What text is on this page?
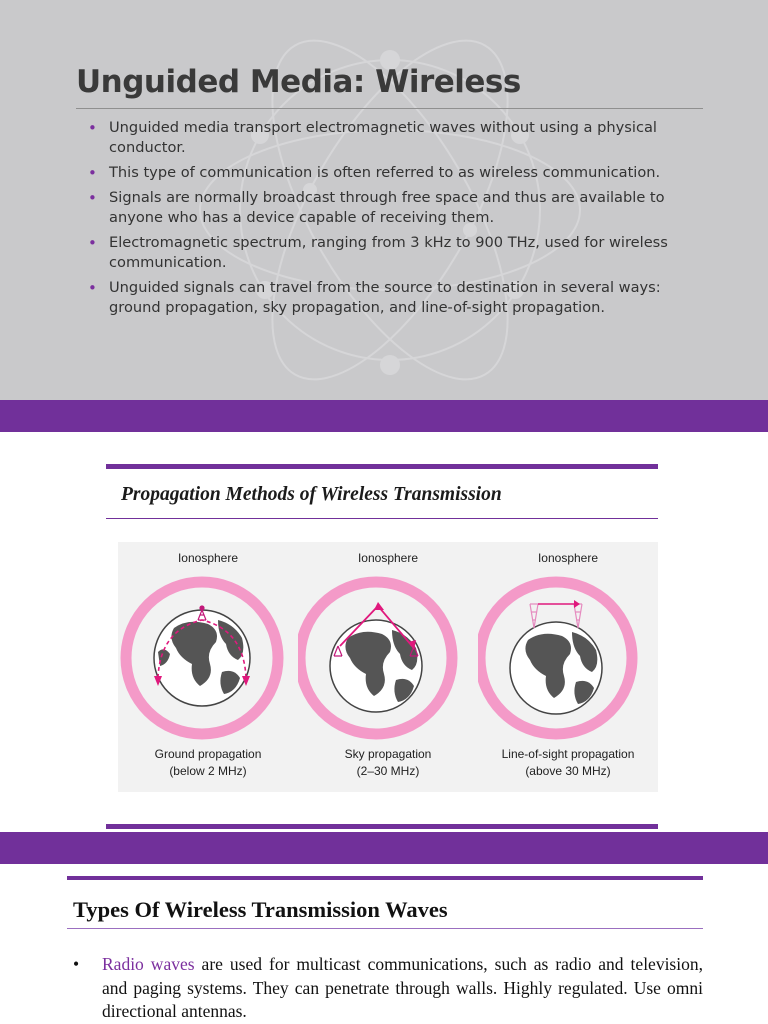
Unguided Media: Wireless
• Unguided media transport electromagnetic waves without using a physical conductor.
• This type of communication is often referred to as wireless communication.
• Signals are normally broadcast through free space and thus are available to anyone who has a device capable of receiving them.
• Electromagnetic spectrum, ranging from 3 kHz to 900 THz, used for wireless communication.
• Unguided signals can travel from the source to destination in several ways: ground propagation, sky propagation, and line-of-sight propagation.
Propagation Methods of Wireless Transmission
Ionosphere
Ground propagation
(below 2 MHz)
Ionosphere
Sky propagation
(2–30 MHz)
Ionosphere
Line-of-sight propagation
(above 30 MHz)
Types Of Wireless Transmission Waves
•	Radio waves are used for multicast communications, such as radio and television, and paging systems. They can penetrate through walls. Highly regulated. Use omni directional antennas.
